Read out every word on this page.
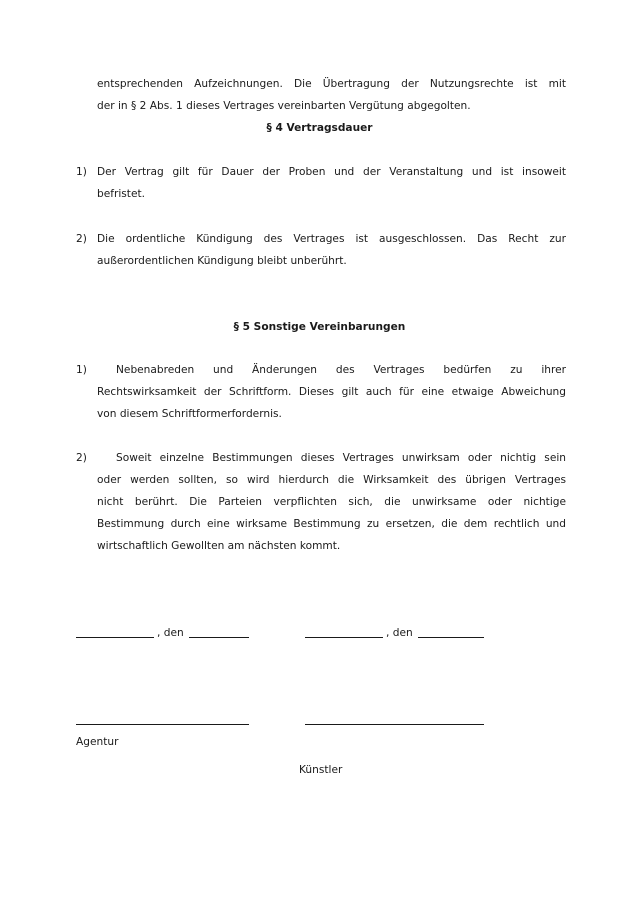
entsprechenden Aufzeichnungen. Die Übertragung der Nutzungsrechte ist mit
der in § 2 Abs. 1 dieses Vertrages vereinbarten Vergütung abgegolten.
§ 4 Vertragsdauer
1) Der Vertrag gilt für Dauer der Proben und der Veranstaltung und ist insoweit
befristet.
2) Die ordentliche Kündigung des Vertrages ist ausgeschlossen. Das Recht zur
außerordentlichen Kündigung bleibt unberührt.
§ 5 Sonstige Vereinbarungen
1)	Nebenabreden und Änderungen des Vertrages bedürfen zu ihrer
Rechtswirksamkeit der Schriftform. Dieses gilt auch für eine etwaige Abweichung
von diesem Schriftformerfordernis.
2)	Soweit einzelne Bestimmungen dieses Vertrages unwirksam oder nichtig sein
oder werden sollten, so wird hierdurch die Wirksamkeit des übrigen Vertrages
nicht berührt. Die Parteien verpflichten sich, die unwirksame oder nichtige
Bestimmung durch eine wirksame Bestimmung zu ersetzen, die dem rechtlich und
wirtschaftlich Gewollten am nächsten kommt.
, den	, den
Agentur
Künstler
